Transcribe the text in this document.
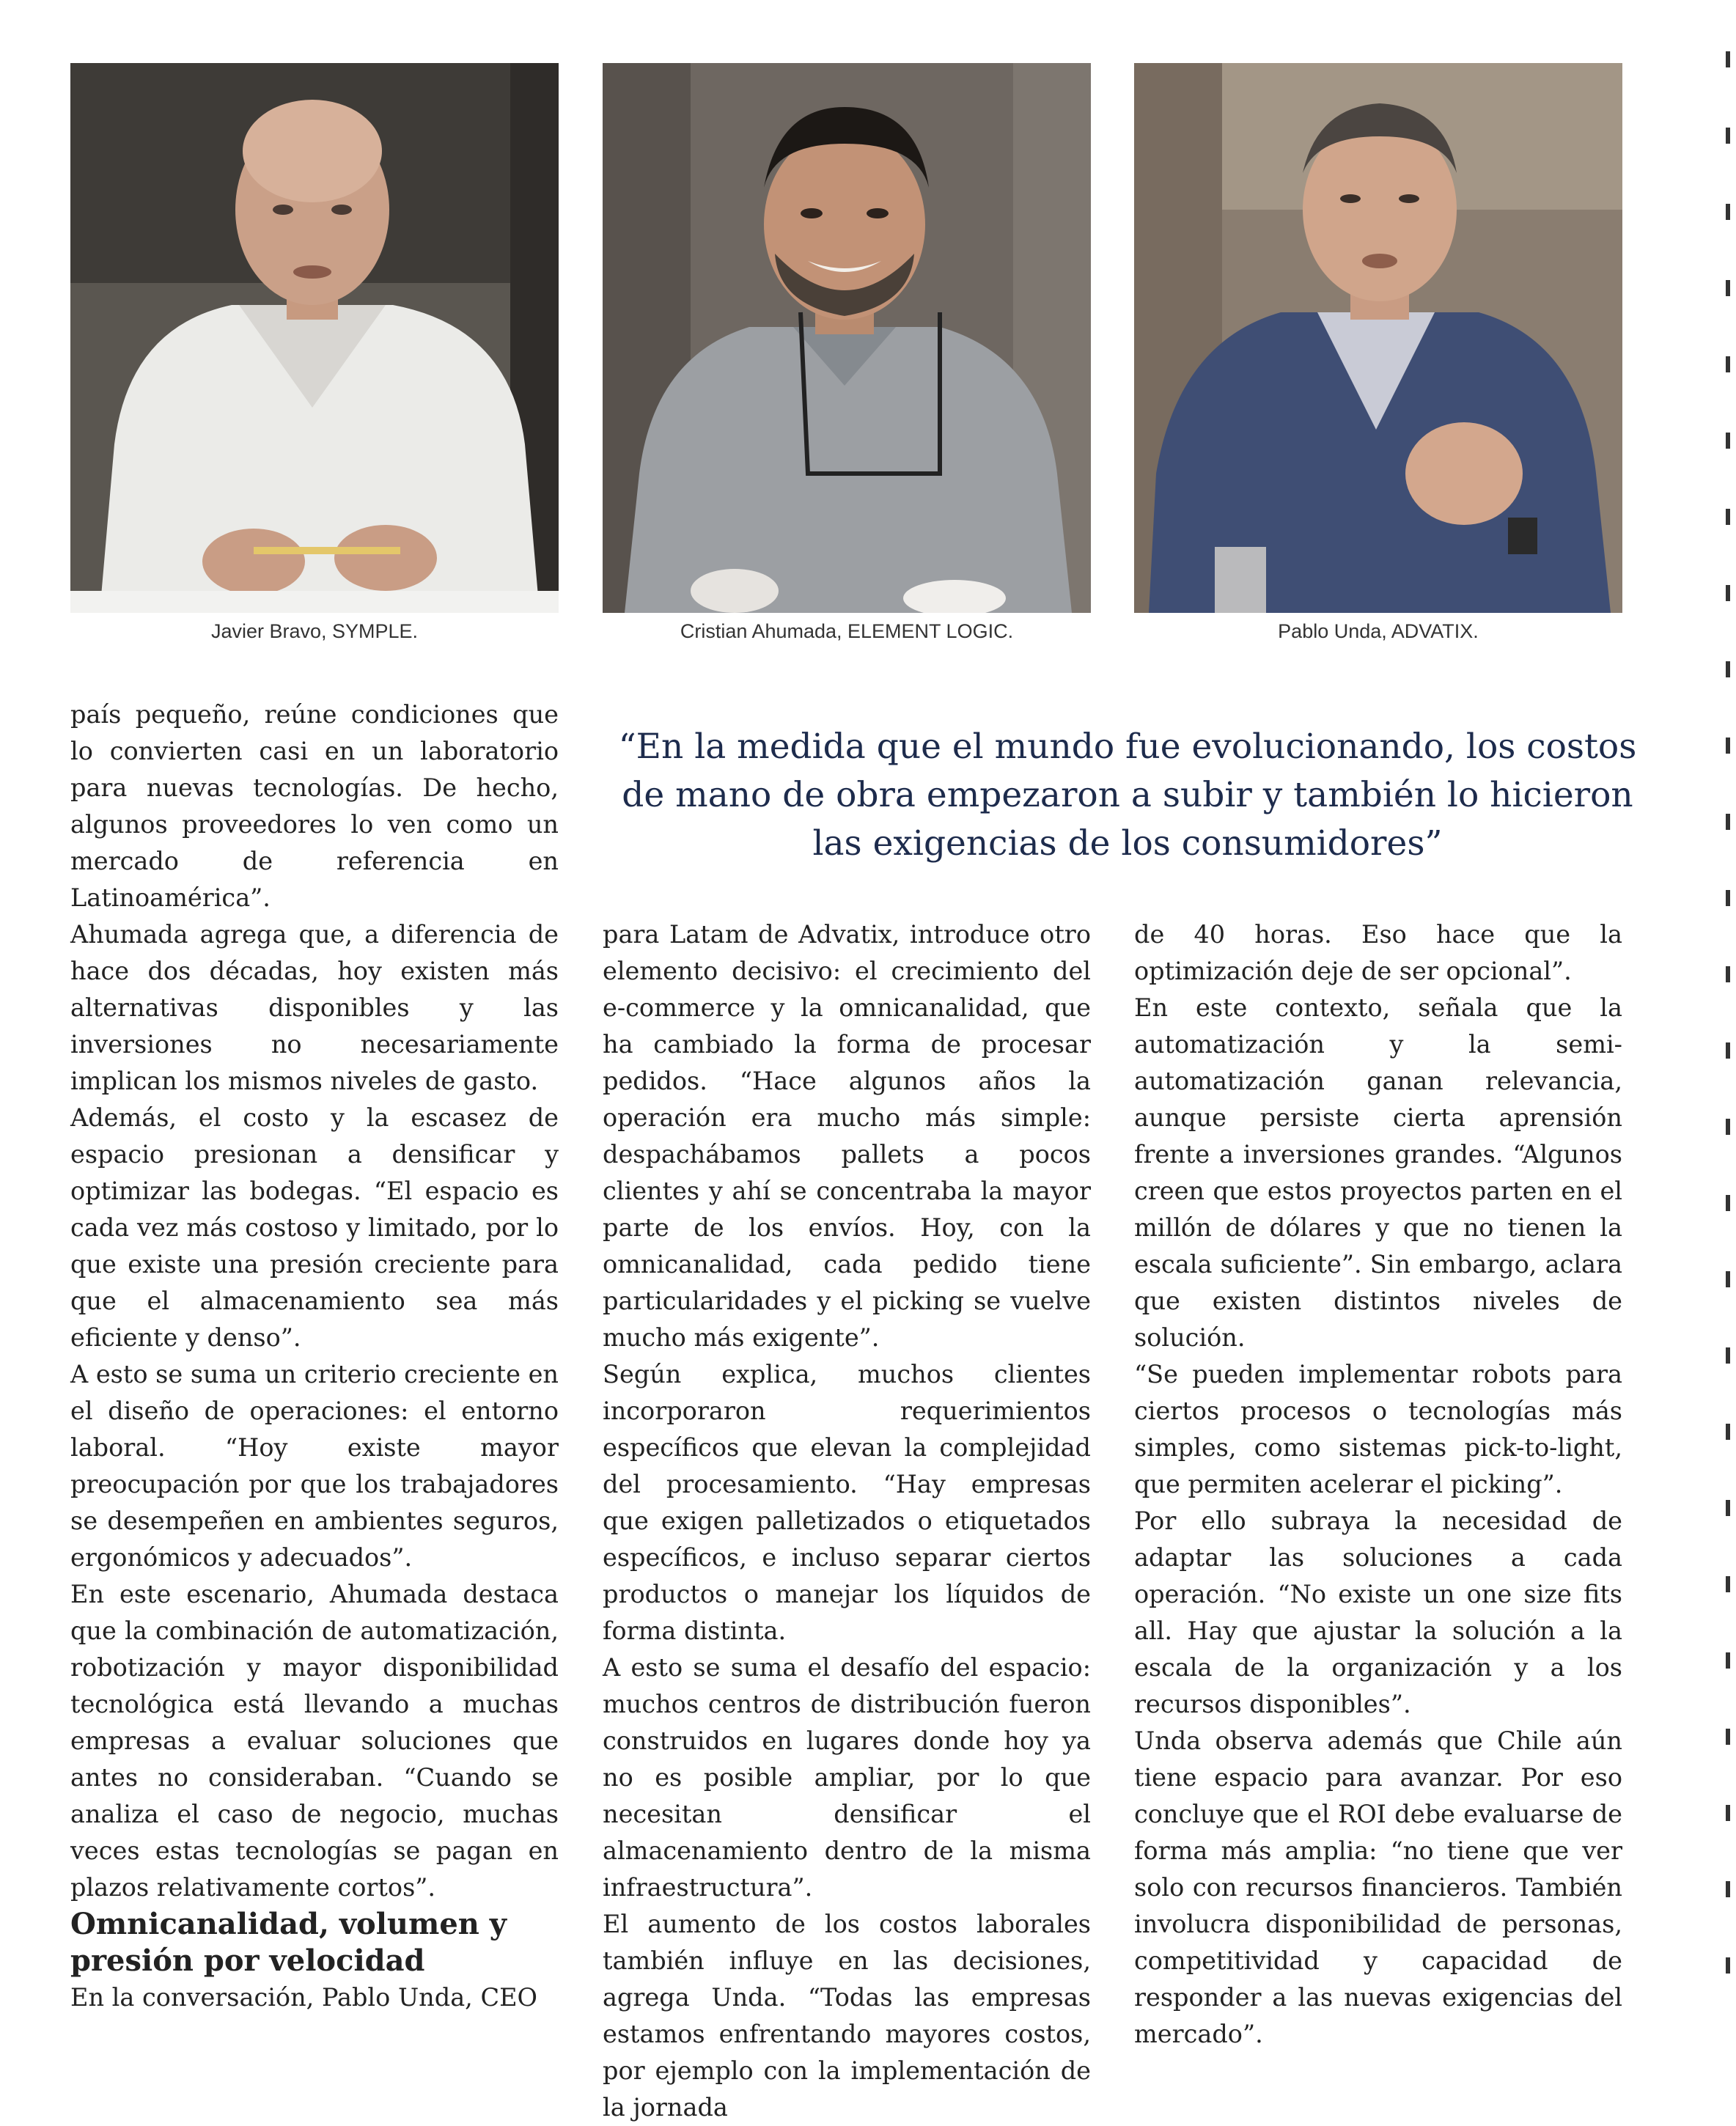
Javier Bravo, SYMPLE.	Cristian Ahumada, ELEMENT LOGIC.	Pablo Unda, ADVATIX.
“En la medida que el mundo fue evolucionando, los costos de mano de obra empezaron a subir y también lo hicieron las exigencias de los consumidores”

país pequeño, reúne condiciones que lo convierten casi en un laboratorio para nuevas tecnologías. De hecho, algunos proveedores lo ven como un mercado de referencia en Latinoamérica”.

Ahumada agrega que, a diferencia de hace dos décadas, hoy existen más alternativas disponibles y las inversiones no necesariamente implican los mismos niveles de gasto.

Además, el costo y la escasez de espacio presionan a densificar y optimizar las bodegas. “El espacio es cada vez más costoso y limitado, por lo que existe una presión creciente para que el almacenamiento sea más eficiente y denso”.

A esto se suma un criterio creciente en el diseño de operaciones: el entorno laboral. “Hoy existe mayor preocupación por que los trabajadores se desempeñen en ambientes seguros, ergonómicos y adecuados”.

En este escenario, Ahumada destaca que la combinación de automatización, robotización y mayor disponibilidad tecnológica está llevando a muchas empresas a evaluar soluciones que antes no consideraban. “Cuando se analiza el caso de negocio, muchas veces estas tecnologías se pagan en plazos relativamente cortos”.

Omnicanalidad, volumen y presión por velocidad

En la conversación, Pablo Unda, CEO

para Latam de Advatix, introduce otro elemento decisivo: el crecimiento del e-commerce y la omnicanalidad, que ha cambiado la forma de procesar pedidos. “Hace algunos años la operación era mucho más simple: despachábamos pallets a pocos clientes y ahí se concentraba la mayor parte de los envíos. Hoy, con la omnicanalidad, cada pedido tiene particularidades y el picking se vuelve mucho más exigente”.

Según explica, muchos clientes incorporaron requerimientos específicos que elevan la complejidad del procesamiento. “Hay empresas que exigen palletizados o etiquetados específicos, e incluso separar ciertos productos o manejar los líquidos de forma distinta.

A esto se suma el desafío del espacio: muchos centros de distribución fueron construidos en lugares donde hoy ya no es posible ampliar, por lo que necesitan densificar el almacenamiento dentro de la misma infraestructura”.

El aumento de los costos laborales también influye en las decisiones, agrega Unda. “Todas las empresas estamos enfrentando mayores costos, por ejemplo con la implementación de la jornada

de 40 horas. Eso hace que la optimización deje de ser opcional”.

En este contexto, señala que la automatización y la semi-automatización ganan relevancia, aunque persiste cierta aprensión frente a inversiones grandes. “Algunos creen que estos proyectos parten en el millón de dólares y que no tienen la escala suficiente”. Sin embargo, aclara que existen distintos niveles de solución.

“Se pueden implementar robots para ciertos procesos o tecnologías más simples, como sistemas pick-to-light, que permiten acelerar el picking”.

Por ello subraya la necesidad de adaptar las soluciones a cada operación. “No existe un one size fits all. Hay que ajustar la solución a la escala de la organización y a los recursos disponibles”.

Unda observa además que Chile aún tiene espacio para avanzar. Por eso concluye que el ROI debe evaluarse de forma más amplia: “no tiene que ver solo con recursos financieros. También involucra disponibilidad de personas, competitividad y capacidad de responder a las nuevas exigencias del mercado”.
